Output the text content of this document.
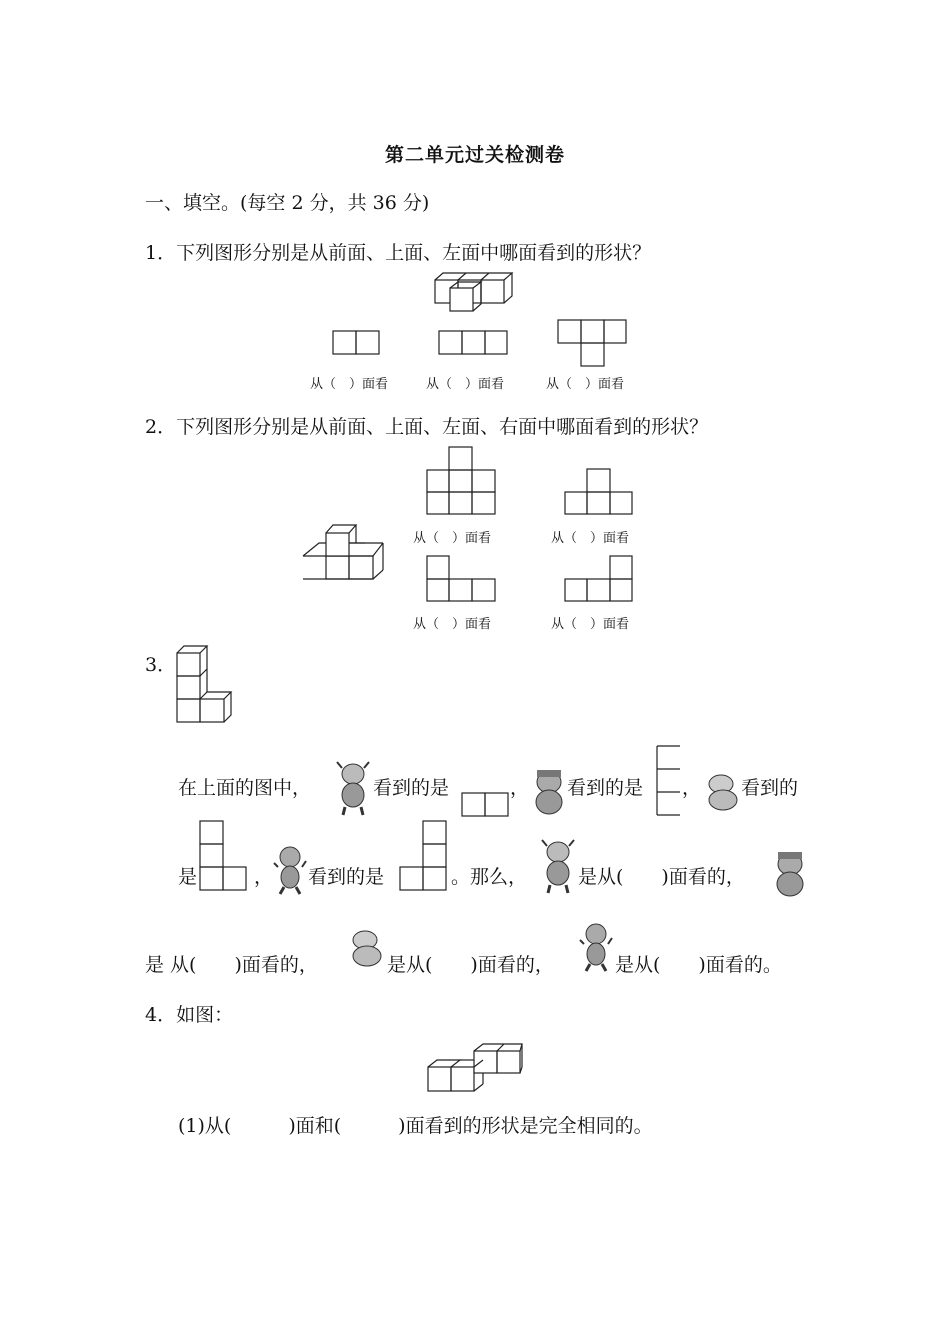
第二单元过关检测卷
一、填空。(每空 2 分，共 36 分)
1．下列图形分别是从前面、上面、左面中哪面看到的形状？
从（　）面看	从（　）面看	从（　）面看
2．下列图形分别是从前面、上面、左面、右面中哪面看到的形状？
从（　）面看	从（　）面看
从（　）面看	从（　）面看
3．
在上面的图中，	看到的是	， 看到的是 ， 看到的
是	， 看到的是	。那么，	是从(　　)面看的，
是 从(　　)面看的，	是从(　　)面看的，	是从(　　)面看的。
4．如图：
(1)从(　　　)面和(　　　)面看到的形状是完全相同的。
